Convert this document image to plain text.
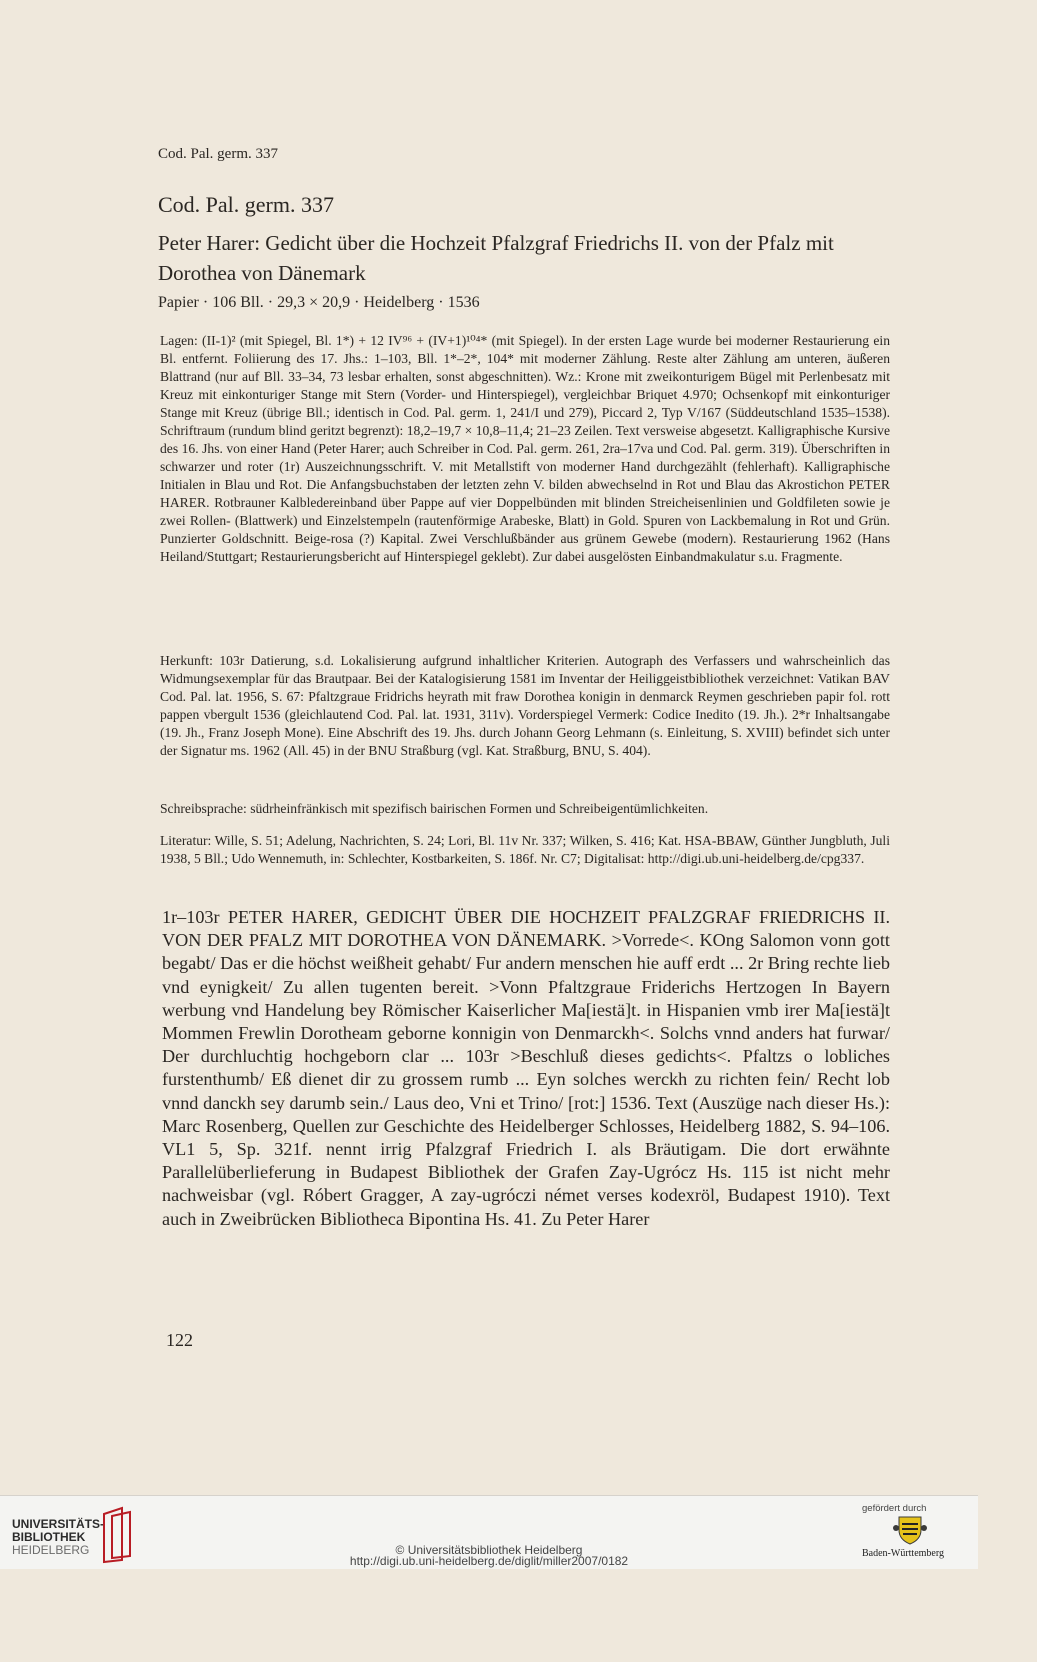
Cod. Pal. germ. 337
Cod. Pal. germ. 337
Peter Harer: Gedicht über die Hochzeit Pfalzgraf Friedrichs II. von der Pfalz mit Dorothea von Dänemark
Papier · 106 Bll. · 29,3 × 20,9 · Heidelberg · 1536
Lagen: (II-1)² (mit Spiegel, Bl. 1*) + 12 IV⁹⁶ + (IV+1)¹⁰⁴* (mit Spiegel). In der ersten Lage wurde bei moderner Restaurierung ein Bl. entfernt. Foliierung des 17. Jhs.: 1–103, Bll. 1*–2*, 104* mit moderner Zählung. Reste alter Zählung am unteren, äußeren Blattrand (nur auf Bll. 33–34, 73 lesbar erhalten, sonst abgeschnitten). Wz.: Krone mit zweikonturigem Bügel mit Perlenbesatz mit Kreuz mit einkonturiger Stange mit Stern (Vorder- und Hinterspiegel), vergleichbar Briquet 4.970; Ochsenkopf mit einkonturiger Stange mit Kreuz (übrige Bll.; identisch in Cod. Pal. germ. 1, 241/I und 279), Piccard 2, Typ V/167 (Süddeutschland 1535–1538). Schriftraum (rundum blind geritzt begrenzt): 18,2–19,7 × 10,8–11,4; 21–23 Zeilen. Text versweise abgesetzt. Kalligraphische Kursive des 16. Jhs. von einer Hand (Peter Harer; auch Schreiber in Cod. Pal. germ. 261, 2ra–17va und Cod. Pal. germ. 319). Überschriften in schwarzer und roter (1r) Auszeichnungsschrift. V. mit Metallstift von moderner Hand durchgezählt (fehlerhaft). Kalligraphische Initialen in Blau und Rot. Die Anfangsbuchstaben der letzten zehn V. bilden abwechselnd in Rot und Blau das Akrostichon PETER HARER. Rotbrauner Kalbledereinband über Pappe auf vier Doppelbünden mit blinden Streicheisenlinien und Goldfileten sowie je zwei Rollen- (Blattwerk) und Einzelstempeln (rautenförmige Arabeske, Blatt) in Gold. Spuren von Lackbemalung in Rot und Grün. Punzierter Goldschnitt. Beige-rosa (?) Kapital. Zwei Verschlußbänder aus grünem Gewebe (modern). Restaurierung 1962 (Hans Heiland/Stuttgart; Restaurierungsbericht auf Hinterspiegel geklebt). Zur dabei ausgelösten Einbandmakulatur s.u. Fragmente.
Herkunft: 103r Datierung, s.d. Lokalisierung aufgrund inhaltlicher Kriterien. Autograph des Verfassers und wahrscheinlich das Widmungsexemplar für das Brautpaar. Bei der Katalogisierung 1581 im Inventar der Heiliggeistbibliothek verzeichnet: Vatikan BAV Cod. Pal. lat. 1956, S. 67: Pfaltzgraue Fridrichs heyrath mit fraw Dorothea konigin in denmarck Reymen geschrieben papir fol. rott pappen vbergult 1536 (gleichlautend Cod. Pal. lat. 1931, 311v). Vorderspiegel Vermerk: Codice Inedito (19. Jh.). 2*r Inhaltsangabe (19. Jh., Franz Joseph Mone). Eine Abschrift des 19. Jhs. durch Johann Georg Lehmann (s. Einleitung, S. XVIII) befindet sich unter der Signatur ms. 1962 (All. 45) in der BNU Straßburg (vgl. Kat. Straßburg, BNU, S. 404).
Schreibsprache: südrheinfränkisch mit spezifisch bairischen Formen und Schreibeigentümlichkeiten.
Literatur: Wille, S. 51; Adelung, Nachrichten, S. 24; Lori, Bl. 11v Nr. 337; Wilken, S. 416; Kat. HSA-BBAW, Günther Jungbluth, Juli 1938, 5 Bll.; Udo Wennemuth, in: Schlechter, Kostbarkeiten, S. 186f. Nr. C7; Digitalisat: http://digi.ub.uni-heidelberg.de/cpg337.
1r–103r PETER HARER, GEDICHT ÜBER DIE HOCHZEIT PFALZGRAF FRIEDRICHS II. VON DER PFALZ MIT DOROTHEA VON DÄNEMARK. >Vorrede<. KOng Salomon vonn gott begabt/ Das er die höchst weißheit gehabt/ Fur andern menschen hie auff erdt ... 2r Bring rechte lieb vnd eynigkeit/ Zu allen tugenten bereit. >Vonn Pfaltzgraue Friderichs Hertzogen In Bayern werbung vnd Handelung bey Römischer Kaiserlicher Ma[iestä]t. in Hispanien vmb irer Ma[iestä]t Mommen Frewlin Dorotheam geborne konnigin von Denmarckh<. Solchs vnnd anders hat furwar/ Der durchluchtig hochgeborn clar ... 103r >Beschluß dieses gedichts<. Pfaltzs o lobliches furstenthumb/ Eß dienet dir zu grossem rumb ... Eyn solches werckh zu richten fein/ Recht lob vnnd danckh sey darumb sein./ Laus deo, Vni et Trino/ [rot:] 1536. Text (Auszüge nach dieser Hs.): Marc Rosenberg, Quellen zur Geschichte des Heidelberger Schlosses, Heidelberg 1882, S. 94–106. VL1 5, Sp. 321f. nennt irrig Pfalzgraf Friedrich I. als Bräutigam. Die dort erwähnte Parallelüberlieferung in Budapest Bibliothek der Grafen Zay-Ugrócz Hs. 115 ist nicht mehr nachweisbar (vgl. Róbert Gragger, A zay-ugróczi német verses kodexröl, Budapest 1910). Text auch in Zweibrücken Bibliotheca Bipontina Hs. 41. Zu Peter Harer
122
UNIVERSITÄTS-
BIBLIOTHEK
HEIDELBERG	© Universitätsbibliothek Heidelberg
http://digi.ub.uni-heidelberg.de/diglit/miller2007/0182
gefördert durch
Baden-Württemberg
